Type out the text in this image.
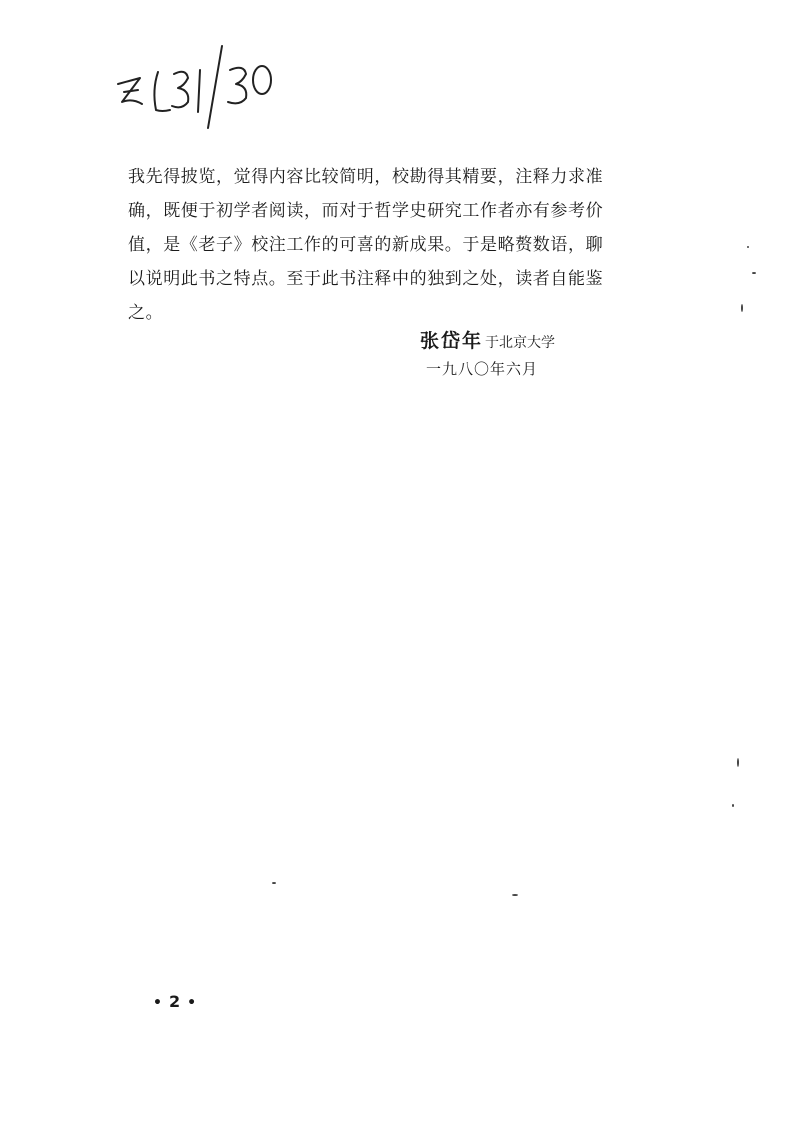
我先得披览，觉得内容比较简明，校勘得其精要，注释力求准
确，既便于初学者阅读，而对于哲学史研究工作者亦有参考价
值，是《老子》校注工作的可喜的新成果。于是略赘数语，聊
以说明此书之特点。至于此书注释中的独到之处，读者自能鉴
之。
张岱年 于北京大学
一九八〇年六月
• 2 •
